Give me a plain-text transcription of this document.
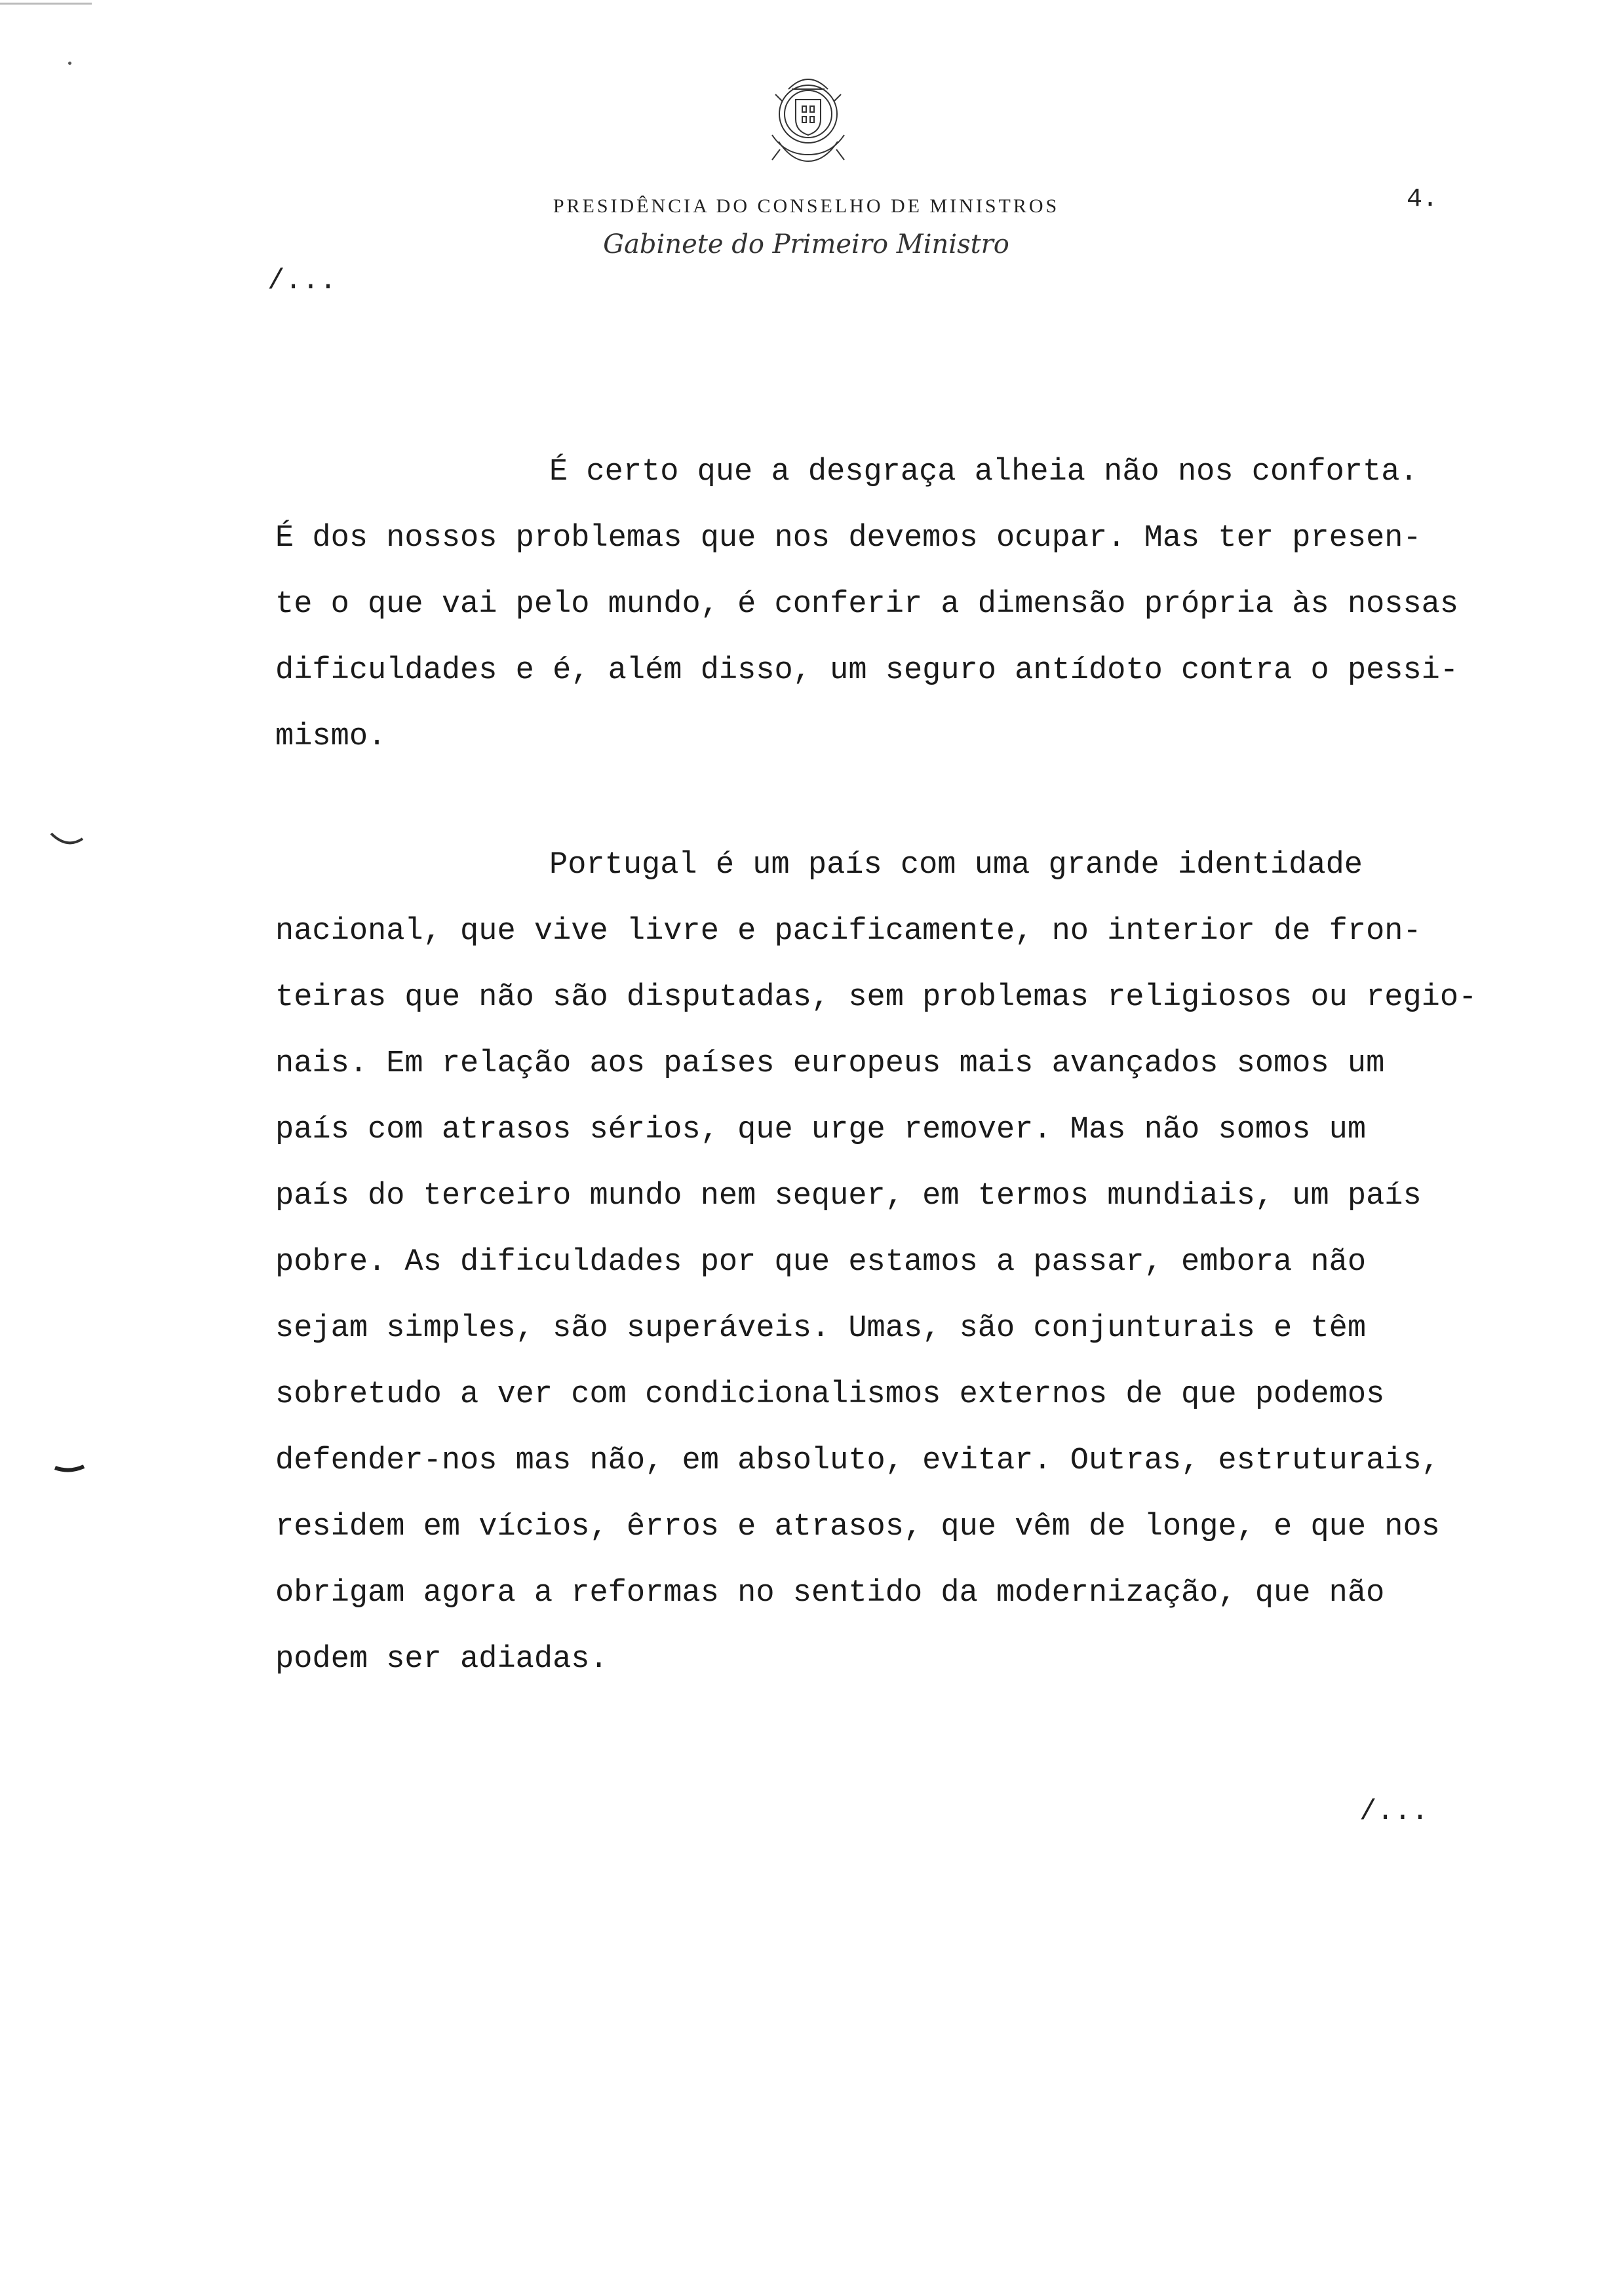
PRESIDÊNCIA DO CONSELHO DE MINISTROS
Gabinete do Primeiro Ministro
4.
/...
É certo que a desgraça alheia não nos conforta.
É dos nossos problemas que nos devemos ocupar. Mas ter presen-
te o que vai pelo mundo, é conferir a dimensão própria às nossas
dificuldades e é, além disso, um seguro antídoto contra o pessi-
mismo.
Portugal é um país com uma grande identidade
nacional, que vive livre e pacificamente, no interior de fron-
teiras que não são disputadas, sem problemas religiosos ou regio-
nais. Em relação aos países europeus mais avançados somos um
país com atrasos sérios, que urge remover. Mas não somos um
país do terceiro mundo nem sequer, em termos mundiais, um país
pobre. As dificuldades por que estamos a passar, embora não
sejam simples, são superáveis. Umas, são conjunturais e têm
sobretudo a ver com condicionalismos externos de que podemos
defender-nos mas não, em absoluto, evitar. Outras, estruturais,
residem em vícios, êrros e atrasos, que vêm de longe, e que nos
obrigam agora a reformas no sentido da modernização, que não
podem ser adiadas.
/...
